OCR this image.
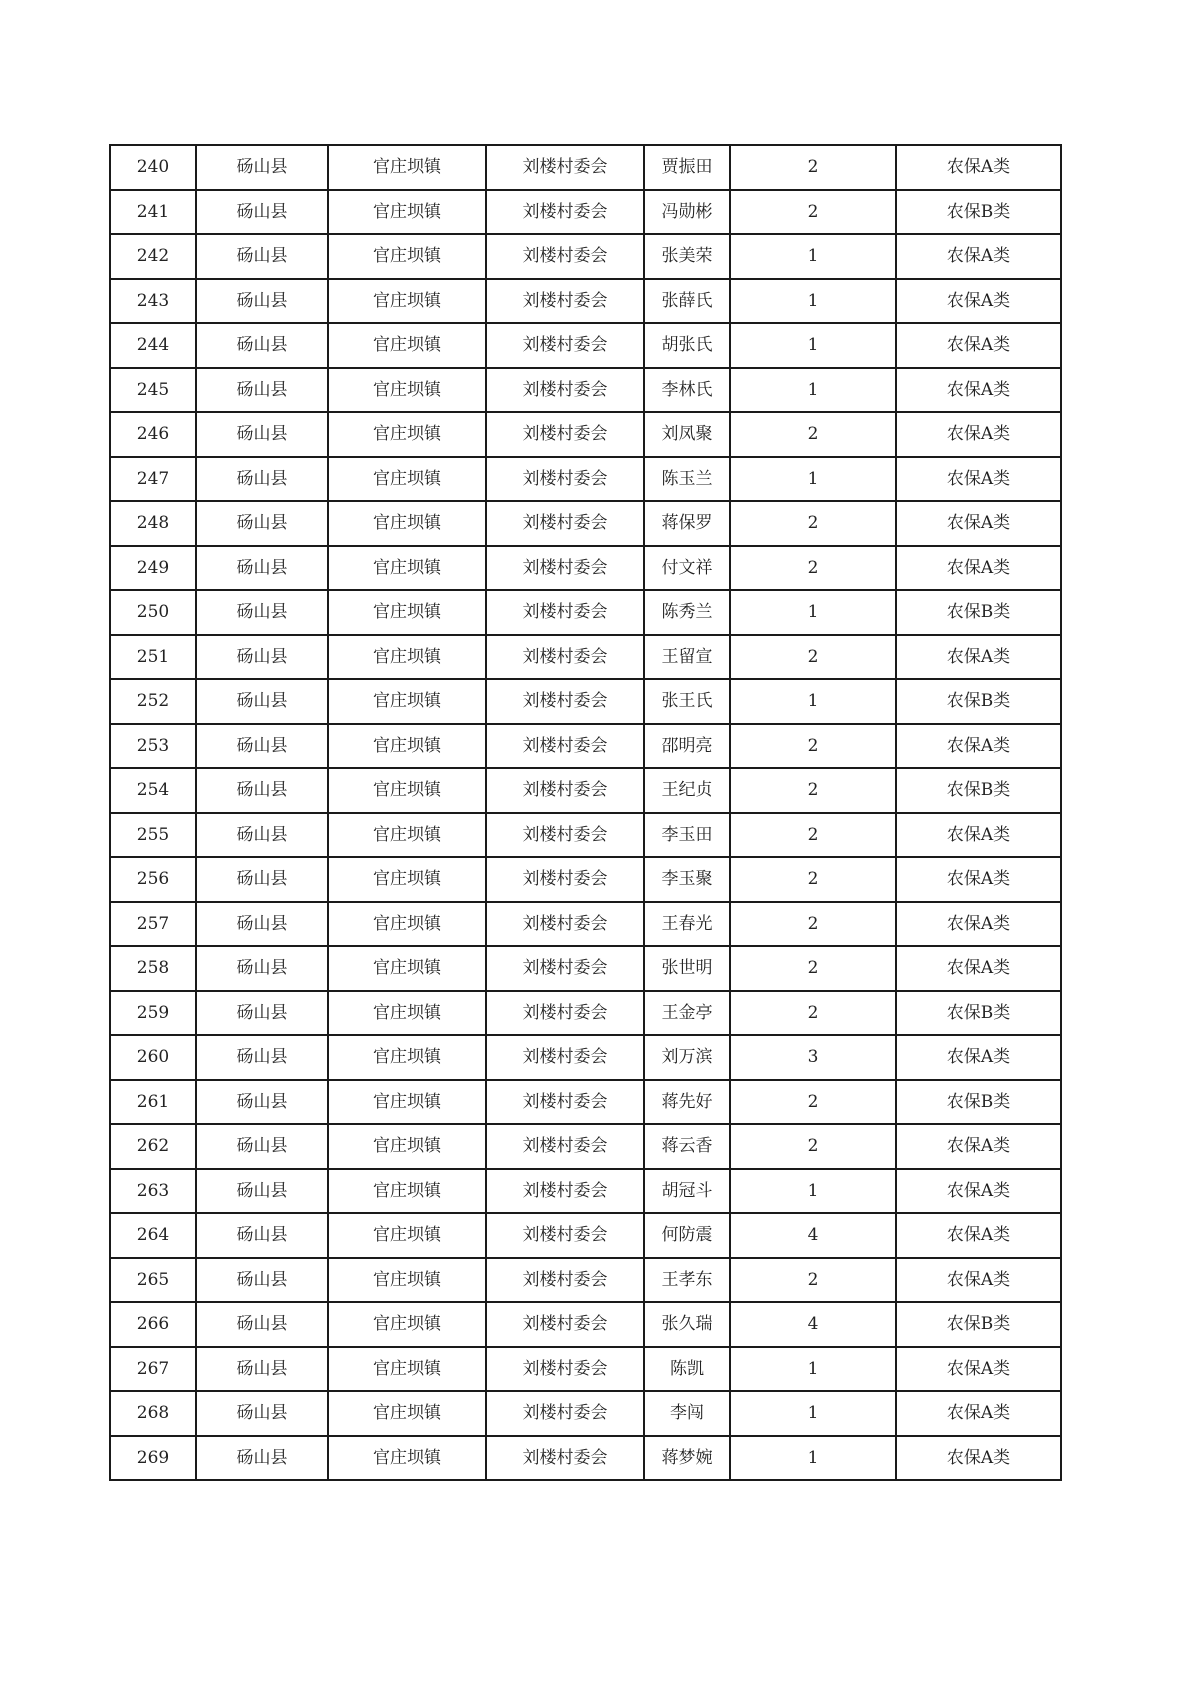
240	砀山县	官庄坝镇	刘楼村委会	贾振田	2	农保A类
241	砀山县	官庄坝镇	刘楼村委会	冯勋彬	2	农保B类
242	砀山县	官庄坝镇	刘楼村委会	张美荣	1	农保A类
243	砀山县	官庄坝镇	刘楼村委会	张薛氏	1	农保A类
244	砀山县	官庄坝镇	刘楼村委会	胡张氏	1	农保A类
245	砀山县	官庄坝镇	刘楼村委会	李林氏	1	农保A类
246	砀山县	官庄坝镇	刘楼村委会	刘凤聚	2	农保A类
247	砀山县	官庄坝镇	刘楼村委会	陈玉兰	1	农保A类
248	砀山县	官庄坝镇	刘楼村委会	蒋保罗	2	农保A类
249	砀山县	官庄坝镇	刘楼村委会	付文祥	2	农保A类
250	砀山县	官庄坝镇	刘楼村委会	陈秀兰	1	农保B类
251	砀山县	官庄坝镇	刘楼村委会	王留宣	2	农保A类
252	砀山县	官庄坝镇	刘楼村委会	张王氏	1	农保B类
253	砀山县	官庄坝镇	刘楼村委会	邵明亮	2	农保A类
254	砀山县	官庄坝镇	刘楼村委会	王纪贞	2	农保B类
255	砀山县	官庄坝镇	刘楼村委会	李玉田	2	农保A类
256	砀山县	官庄坝镇	刘楼村委会	李玉聚	2	农保A类
257	砀山县	官庄坝镇	刘楼村委会	王春光	2	农保A类
258	砀山县	官庄坝镇	刘楼村委会	张世明	2	农保A类
259	砀山县	官庄坝镇	刘楼村委会	王金亭	2	农保B类
260	砀山县	官庄坝镇	刘楼村委会	刘万滨	3	农保A类
261	砀山县	官庄坝镇	刘楼村委会	蒋先好	2	农保B类
262	砀山县	官庄坝镇	刘楼村委会	蒋云香	2	农保A类
263	砀山县	官庄坝镇	刘楼村委会	胡冠斗	1	农保A类
264	砀山县	官庄坝镇	刘楼村委会	何防震	4	农保A类
265	砀山县	官庄坝镇	刘楼村委会	王孝东	2	农保A类
266	砀山县	官庄坝镇	刘楼村委会	张久瑞	4	农保B类
267	砀山县	官庄坝镇	刘楼村委会	陈凯	1	农保A类
268	砀山县	官庄坝镇	刘楼村委会	李闯	1	农保A类
269	砀山县	官庄坝镇	刘楼村委会	蒋梦婉	1	农保A类
